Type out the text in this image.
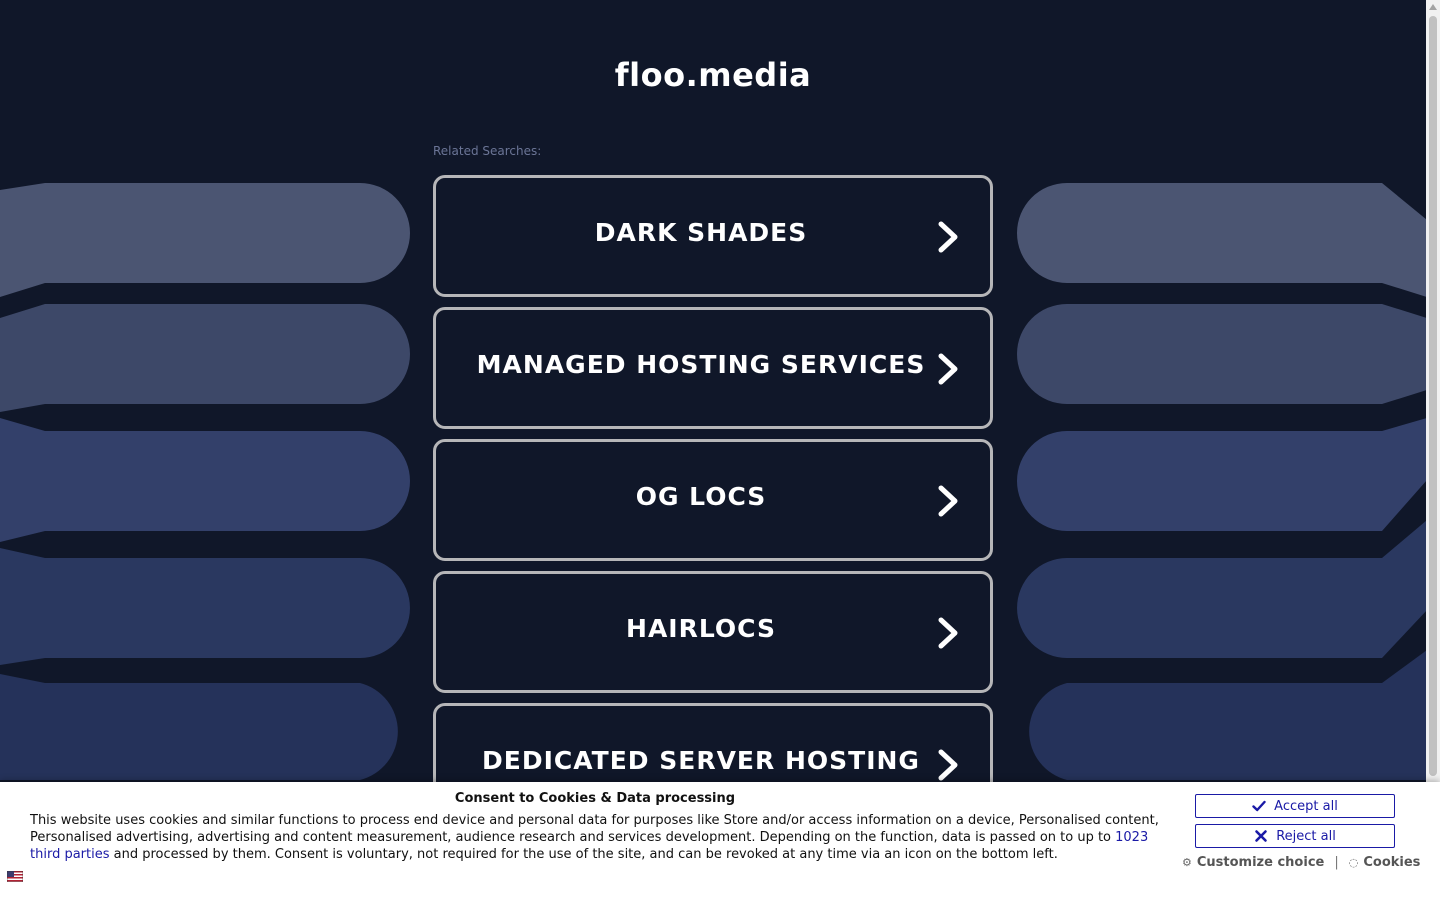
floo.media
Related Searches:
DARK SHADES
MANAGED HOSTING SERVICES
OG LOCS
HAIRLOCS
DEDICATED SERVER HOSTING
Consent to Cookies & Data processing
This website uses cookies and similar functions to process end device and personal data for purposes like Store and/or access information on a device, Personalised content, Personalised advertising, advertising and content measurement, audience research and services development. Depending on the function, data is passed on to up to 1023 third parties and processed by them. Consent is voluntary, not required for the use of the site, and can be revoked at any time via an icon on the bottom left.
Accept all
Reject all
⚙ Customize choice | ◌ Cookies
